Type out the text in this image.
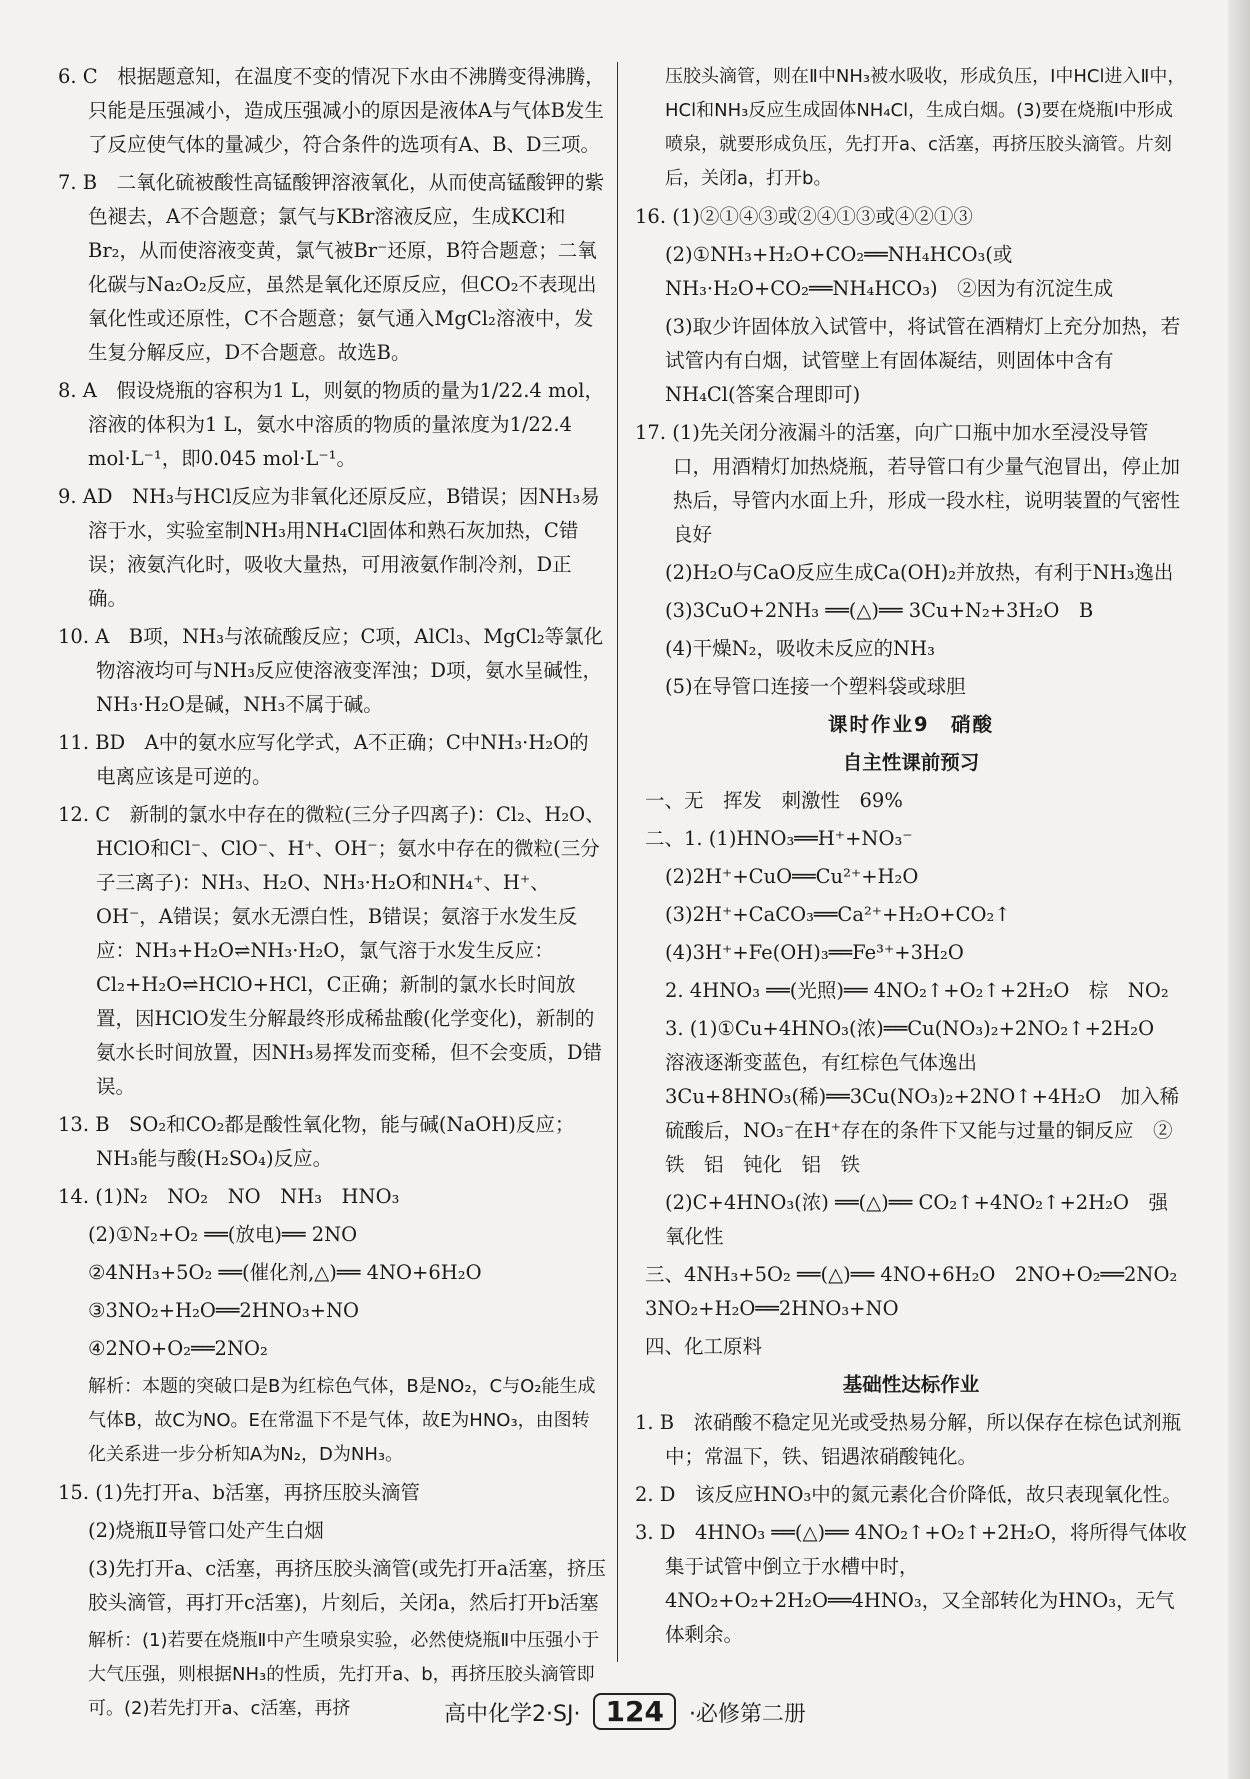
6. C　根据题意知，在温度不变的情况下水由不沸腾变得沸腾，只能是压强减小，造成压强减小的原因是液体A与气体B发生了反应使气体的量减少，符合条件的选项有A、B、D三项。

7. B　二氧化硫被酸性高锰酸钾溶液氧化，从而使高锰酸钾的紫色褪去，A不合题意；氯气与KBr溶液反应，生成KCl和Br₂，从而使溶液变黄，氯气被Br⁻还原，B符合题意；二氧化碳与Na₂O₂反应，虽然是氧化还原反应，但CO₂不表现出氧化性或还原性，C不合题意；氨气通入MgCl₂溶液中，发生复分解反应，D不合题意。故选B。

8. A　假设烧瓶的容积为1 L，则氨的物质的量为1/22.4 mol，溶液的体积为1 L，氨水中溶质的物质的量浓度为1/22.4 mol·L⁻¹，即0.045 mol·L⁻¹。

9. AD　NH₃与HCl反应为非氧化还原反应，B错误；因NH₃易溶于水，实验室制NH₃用NH₄Cl固体和熟石灰加热，C错误；液氨汽化时，吸收大量热，可用液氨作制冷剂，D正确。

10. A　B项，NH₃与浓硫酸反应；C项，AlCl₃、MgCl₂等氯化物溶液均可与NH₃反应使溶液变浑浊；D项，氨水呈碱性，NH₃·H₂O是碱，NH₃不属于碱。

11. BD　A中的氨水应写化学式，A不正确；C中NH₃·H₂O的电离应该是可逆的。

12. C　新制的氯水中存在的微粒(三分子四离子)：Cl₂、H₂O、HClO和Cl⁻、ClO⁻、H⁺、OH⁻；氨水中存在的微粒(三分子三离子)：NH₃、H₂O、NH₃·H₂O和NH₄⁺、H⁺、OH⁻，A错误；氨水无漂白性，B错误；氨溶于水发生反应：NH₃+H₂O⇌NH₃·H₂O，氯气溶于水发生反应：Cl₂+H₂O⇌HClO+HCl，C正确；新制的氯水长时间放置，因HClO发生分解最终形成稀盐酸(化学变化)，新制的氨水长时间放置，因NH₃易挥发而变稀，但不会变质，D错误。

13. B　SO₂和CO₂都是酸性氧化物，能与碱(NaOH)反应；NH₃能与酸(H₂SO₄)反应。

14. (1)N₂　NO₂　NO　NH₃　HNO₃

(2)①N₂+O₂ ══(放电)══ 2NO

②4NH₃+5O₂ ══(催化剂,△)══ 4NO+6H₂O

③3NO₂+H₂O══2HNO₃+NO

④2NO+O₂══2NO₂

解析：本题的突破口是B为红棕色气体，B是NO₂，C与O₂能生成气体B，故C为NO。E在常温下不是气体，故E为HNO₃，由图转化关系进一步分析知A为N₂，D为NH₃。

15. (1)先打开a、b活塞，再挤压胶头滴管

(2)烧瓶Ⅱ导管口处产生白烟

(3)先打开a、c活塞，再挤压胶头滴管(或先打开a活塞，挤压胶头滴管，再打开c活塞)，片刻后，关闭a，然后打开b活塞

解析：(1)若要在烧瓶Ⅱ中产生喷泉实验，必然使烧瓶Ⅱ中压强小于大气压强，则根据NH₃的性质，先打开a、b，再挤压胶头滴管即可。(2)若先打开a、c活塞，再挤

压胶头滴管，则在Ⅱ中NH₃被水吸收，形成负压，Ⅰ中HCl进入Ⅱ中，HCl和NH₃反应生成固体NH₄Cl，生成白烟。(3)要在烧瓶Ⅰ中形成喷泉，就要形成负压，先打开a、c活塞，再挤压胶头滴管。片刻后，关闭a，打开b。

16. (1)②①④③或②④①③或④②①③

(2)①NH₃+H₂O+CO₂══NH₄HCO₃(或NH₃·H₂O+CO₂══NH₄HCO₃)　②因为有沉淀生成

(3)取少许固体放入试管中，将试管在酒精灯上充分加热，若试管内有白烟，试管壁上有固体凝结，则固体中含有NH₄Cl(答案合理即可)

17. (1)先关闭分液漏斗的活塞，向广口瓶中加水至浸没导管口，用酒精灯加热烧瓶，若导管口有少量气泡冒出，停止加热后，导管内水面上升，形成一段水柱，说明装置的气密性良好

(2)H₂O与CaO反应生成Ca(OH)₂并放热，有利于NH₃逸出

(3)3CuO+2NH₃ ══(△)══ 3Cu+N₂+3H₂O　B

(4)干燥N₂，吸收未反应的NH₃

(5)在导管口连接一个塑料袋或球胆

课时作业9　硝酸

自主性课前预习

一、无　挥发　刺激性　69%

二、1. (1)HNO₃══H⁺+NO₃⁻

(2)2H⁺+CuO══Cu²⁺+H₂O

(3)2H⁺+CaCO₃══Ca²⁺+H₂O+CO₂↑

(4)3H⁺+Fe(OH)₃══Fe³⁺+3H₂O

2. 4HNO₃ ══(光照)══ 4NO₂↑+O₂↑+2H₂O　棕　NO₂

3. (1)①Cu+4HNO₃(浓)══Cu(NO₃)₂+2NO₂↑+2H₂O　溶液逐渐变蓝色，有红棕色气体逸出　3Cu+8HNO₃(稀)══3Cu(NO₃)₂+2NO↑+4H₂O　加入稀硫酸后，NO₃⁻在H⁺存在的条件下又能与过量的铜反应　②铁　铝　钝化　铝　铁

(2)C+4HNO₃(浓) ══(△)══ CO₂↑+4NO₂↑+2H₂O　强氧化性

三、4NH₃+5O₂ ══(△)══ 4NO+6H₂O　2NO+O₂══2NO₂　3NO₂+H₂O══2HNO₃+NO

四、化工原料

基础性达标作业

1. B　浓硝酸不稳定见光或受热易分解，所以保存在棕色试剂瓶中；常温下，铁、铝遇浓硝酸钝化。

2. D　该反应HNO₃中的氮元素化合价降低，故只表现氧化性。

3. D　4HNO₃ ══(△)══ 4NO₂↑+O₂↑+2H₂O，将所得气体收集于试管中倒立于水槽中时，4NO₂+O₂+2H₂O══4HNO₃，又全部转化为HNO₃，无气体剩余。

高中化学2·SJ· 124 ·必修第二册
